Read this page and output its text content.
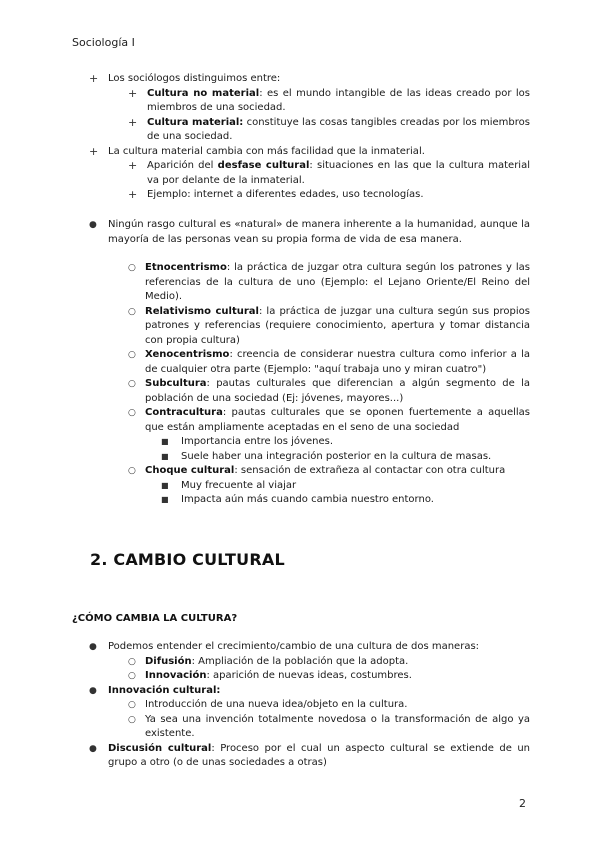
Sociología I
+ Los sociólogos distinguimos entre:
+ Cultura no material: es el mundo intangible de las ideas creado por los miembros de una sociedad.
+ Cultura material: constituye las cosas tangibles creadas por los miembros de una sociedad.
+ La cultura material cambia con más facilidad que la inmaterial.
+ Aparición del desfase cultural: situaciones en las que la cultura material va por delante de la inmaterial.
+ Ejemplo: internet a diferentes edades, uso tecnologías.
● Ningún rasgo cultural es «natural» de manera inherente a la humanidad, aunque la mayoría de las personas vean su propia forma de vida de esa manera.
○ Etnocentrismo: la práctica de juzgar otra cultura según los patrones y las referencias de la cultura de uno (Ejemplo: el Lejano Oriente/El Reino del Medio).
○ Relativismo cultural: la práctica de juzgar una cultura según sus propios patrones y referencias (requiere conocimiento, apertura y tomar distancia con propia cultura)
○ Xenocentrismo: creencia de considerar nuestra cultura como inferior a la de cualquier otra parte (Ejemplo: "aquí trabaja uno y miran cuatro")
○ Subcultura: pautas culturales que diferencian a algún segmento de la población de una sociedad (Ej: jóvenes, mayores...)
○ Contracultura: pautas culturales que se oponen fuertemente a aquellas que están ampliamente aceptadas en el seno de una sociedad
■ Importancia entre los jóvenes.
■ Suele haber una integración posterior en la cultura de masas.
○ Choque cultural: sensación de extrañeza al contactar con otra cultura
■ Muy frecuente al viajar
■ Impacta aún más cuando cambia nuestro entorno.
2. CAMBIO CULTURAL
¿CÓMO CAMBIA LA CULTURA?
● Podemos entender el crecimiento/cambio de una cultura de dos maneras:
○ Difusión: Ampliación de la población que la adopta.
○ Innovación: aparición de nuevas ideas, costumbres.
● Innovación cultural:
○ Introducción de una nueva idea/objeto en la cultura.
○ Ya sea una invención totalmente novedosa o la transformación de algo ya existente.
● Discusión cultural: Proceso por el cual un aspecto cultural se extiende de un grupo a otro (o de unas sociedades a otras)
2
